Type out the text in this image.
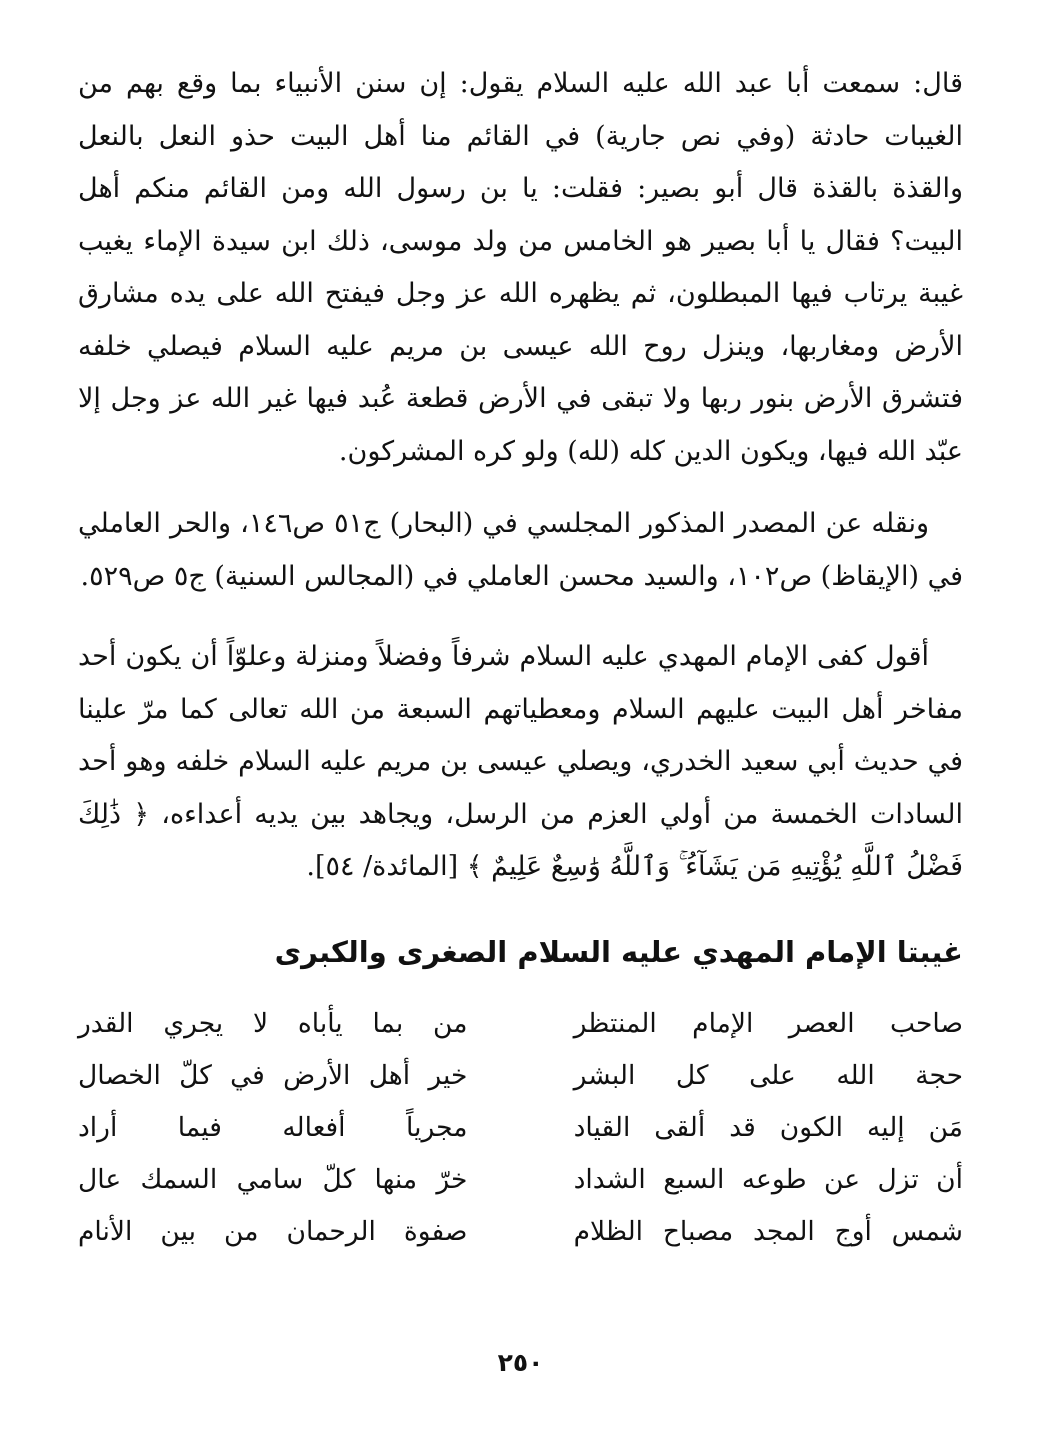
قال: سمعت أبا عبد الله عليه السلام يقول: إن سنن الأنبياء بما وقع بهم من الغيبات حادثة (وفي نص جارية) في القائم منا أهل البيت حذو النعل بالنعل والقذة بالقذة قال أبو بصير: فقلت: يا بن رسول الله ومن القائم منكم أهل البيت؟ فقال يا أبا بصير هو الخامس من ولد موسى، ذلك ابن سيدة الإماء يغيب غيبة يرتاب فيها المبطلون، ثم يظهره الله عز وجل فيفتح الله على يده مشارق الأرض ومغاربها، وينزل روح الله عيسى بن مريم عليه السلام فيصلي خلفه فتشرق الأرض بنور ربها ولا تبقى في الأرض قطعة عُبد فيها غير الله عز وجل إلا عبّد الله فيها، ويكون الدين كله (لله) ولو كره المشركون.

ونقله عن المصدر المذكور المجلسي في (البحار) ج٥١ ص١٤٦، والحر العاملي في (الإيقاظ) ص١٠٢، والسيد محسن العاملي في (المجالس السنية) ج٥ ص٥٢٩.

أقول كفى الإمام المهدي عليه السلام شرفاً وفضلاً ومنزلة وعلوّاً أن يكون أحد مفاخر أهل البيت عليهم السلام ومعطياتهم السبعة من الله تعالى كما مرّ علينا في حديث أبي سعيد الخدري، ويصلي عيسى بن مريم عليه السلام خلفه وهو أحد السادات الخمسة من أولي العزم من الرسل، ويجاهد بين يديه أعداءه، ﴿ ذَٰلِكَ فَضْلُ ٱللَّهِ يُؤْتِيهِ مَن يَشَآءُ ۚ وَٱللَّهُ وَٰسِعٌ عَلِيمٌ ﴾ [المائدة/ ٥٤].

غيبتا الإمام المهدي عليه السلام الصغرى والكبرى
صاحب العصر الإمام المنتظر
من بما يأباه لا يجري القدر
حجة الله على كل البشر
خير أهل الأرض في كلّ الخصال
مَن إليه الكون قد ألقى القياد
مجرياً أفعاله فيما أراد
أن تزل عن طوعه السبع الشداد
خرّ منها كلّ سامي السمك عال
شمس أوج المجد مصباح الظلام
صفوة الرحمان من بين الأنام
٢٥٠
